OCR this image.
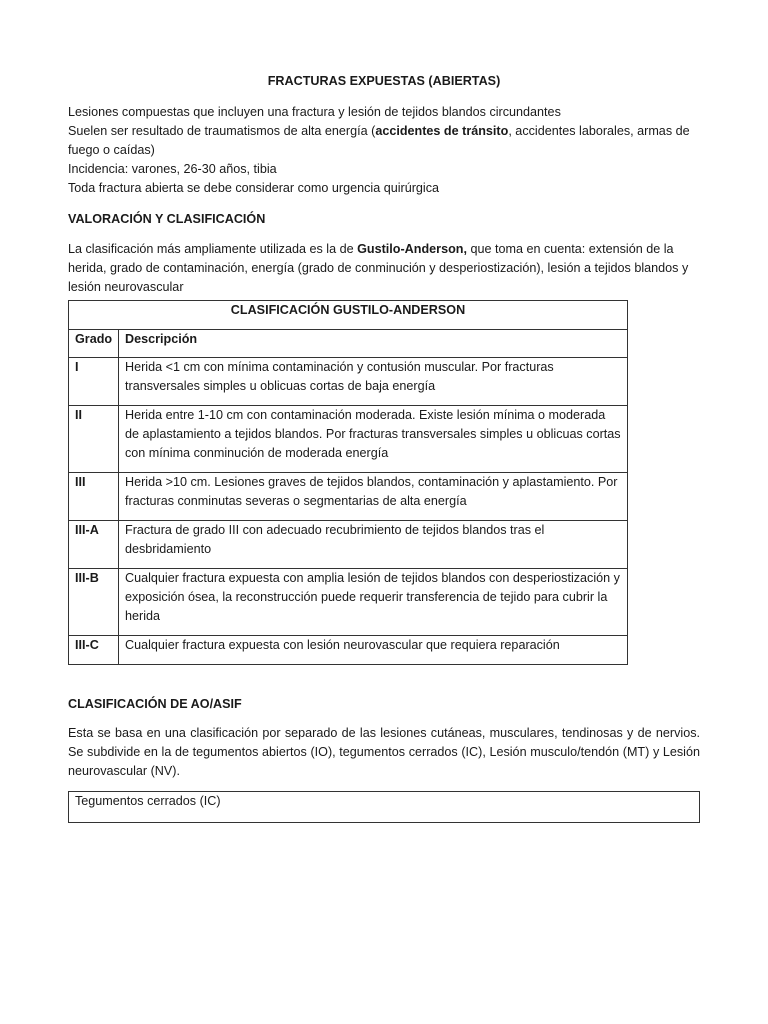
FRACTURAS EXPUESTAS (ABIERTAS)

Lesiones compuestas que incluyen una fractura y lesión de tejidos blandos circundantes

Suelen ser resultado de traumatismos de alta energía (accidentes de tránsito, accidentes laborales, armas de fuego o caídas)

Incidencia: varones, 26-30 años, tibia

Toda fractura abierta se debe considerar como urgencia quirúrgica

VALORACIÓN Y CLASIFICACIÓN

La clasificación más ampliamente utilizada es la de Gustilo-Anderson, que toma en cuenta: extensión de la herida, grado de contaminación, energía (grado de conminución y desperiostización), lesión a tejidos blandos y lesión neurovascular

CLASIFICACIÓN GUSTILO-ANDERSON	
Grado	Descripción
I	Herida <1 cm con mínima contaminación y contusión muscular. Por fracturas transversales simples u oblicuas cortas de baja energía
II	Herida entre 1-10 cm con contaminación moderada. Existe lesión mínima o moderada de aplastamiento a tejidos blandos. Por fracturas transversales simples u oblicuas cortas con mínima conminución de moderada energía
III	Herida >10 cm. Lesiones graves de tejidos blandos, contaminación y aplastamiento. Por fracturas conminutas severas o segmentarias de alta energía
III-A	Fractura de grado III con adecuado recubrimiento de tejidos blandos tras el desbridamiento
III-B	Cualquier fractura expuesta con amplia lesión de tejidos blandos con desperiostización y exposición ósea, la reconstrucción puede requerir transferencia de tejido para cubrir la herida
III-C	Cualquier fractura expuesta con lesión neurovascular que requiera reparación

CLASIFICACIÓN DE AO/ASIF

Esta se basa en una clasificación por separado de las lesiones cutáneas, musculares, tendinosas y de nervios. Se subdivide en la de tegumentos abiertos (IO), tegumentos cerrados (IC), Lesión musculo/tendón (MT) y Lesión neurovascular (NV).

Tegumentos cerrados (IC)
